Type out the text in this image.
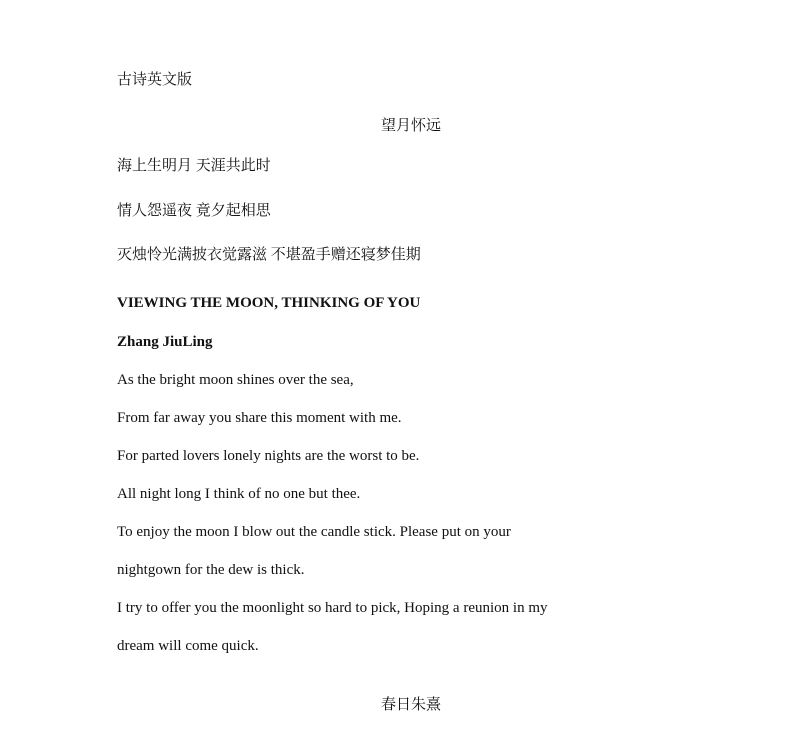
古诗英文版
望月怀远
海上生明月 天涯共此时
情人怨遥夜 竟夕起相思
灭烛怜光满披衣觉露滋 不堪盈手赠还寝梦佳期
VIEWING THE MOON, THINKING OF YOU
Zhang JiuLing
As the bright moon shines over the sea,
From far away you share this moment with me.
For parted lovers lonely nights are the worst to be.
All night long I think of no one but thee.
To enjoy the moon I blow out the candle stick. Please put on your
nightgown for the dew is thick.
I try to offer you the moonlight so hard to pick, Hoping a reunion in my
dream will come quick.
春日朱熹
